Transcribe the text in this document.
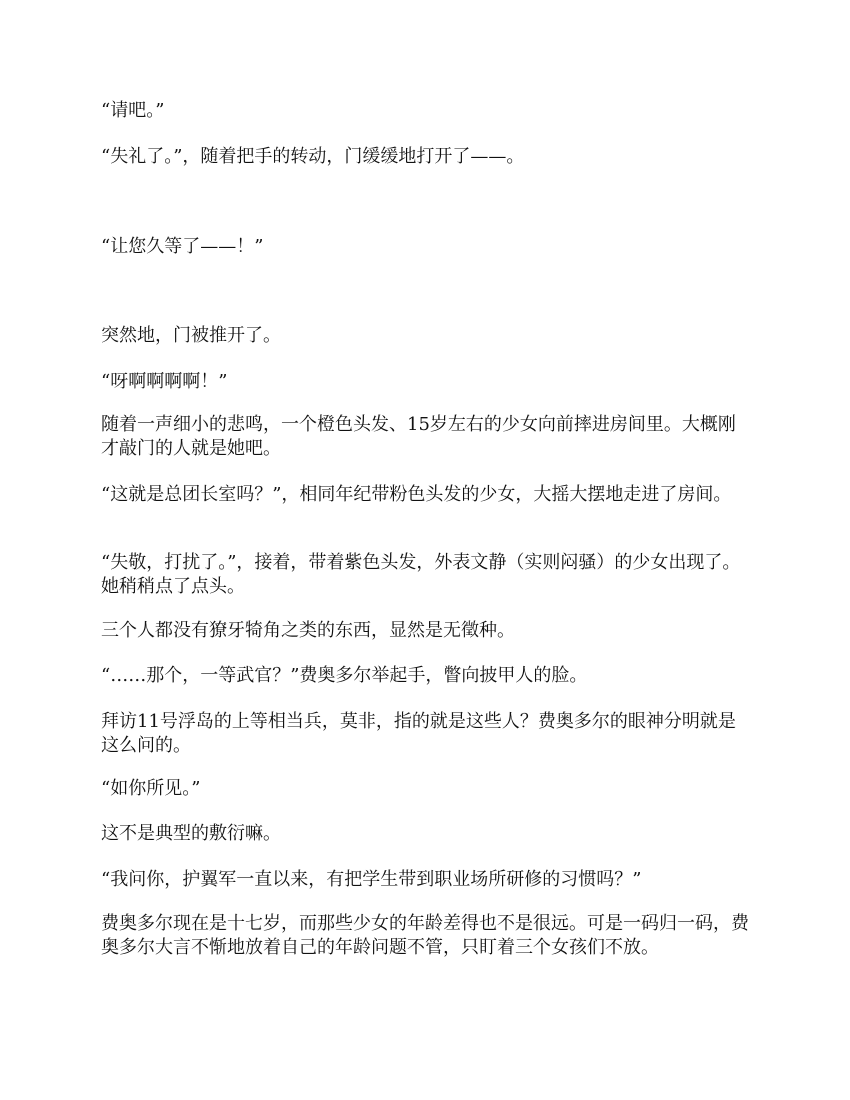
“请吧。”

“失礼了。”，随着把手的转动，门缓缓地打开了——。

“让您久等了——！”

突然地，门被推开了。

“呀啊啊啊啊！”

随着一声细小的悲鸣，一个橙色头发、15岁左右的少女向前摔进房间里。大概刚才敲门的人就是她吧。

“这就是总团长室吗？”，相同年纪带粉色头发的少女，大摇大摆地走进了房间。

“失敬，打扰了。”，接着，带着紫色头发，外表文静（实则闷骚）的少女出现了。她稍稍点了点头。

三个人都没有獠牙犄角之类的东西，显然是无徵种。

“……那个，一等武官？”费奥多尔举起手，瞥向披甲人的脸。

拜访11号浮岛的上等相当兵，莫非，指的就是这些人？费奥多尔的眼神分明就是这么问的。

“如你所见。”

这不是典型的敷衍嘛。

“我问你，护翼军一直以来，有把学生带到职业场所研修的习惯吗？”

费奥多尔现在是十七岁，而那些少女的年龄差得也不是很远。可是一码归一码，费奥多尔大言不惭地放着自己的年龄问题不管，只盯着三个女孩们不放。
